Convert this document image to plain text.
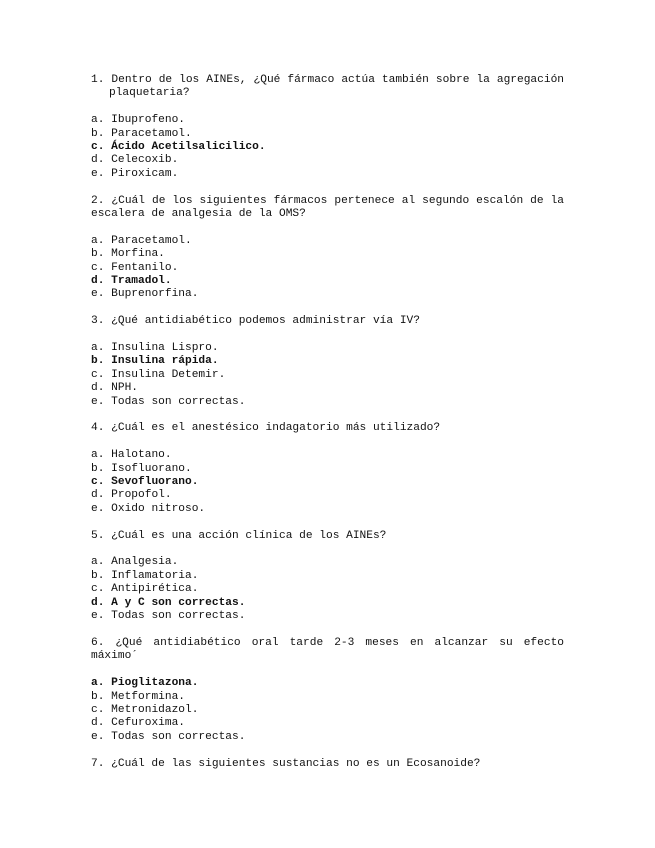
1. Dentro de los AINEs, ¿Qué fármaco actúa también sobre la agregación plaquetaria?

a. Ibuprofeno.
b. Paracetamol.
c. Ácido Acetilsalicilico.
d. Celecoxib.
e. Piroxicam.

2. ¿Cuál de los siguientes fármacos pertenece al segundo escalón de la escalera de analgesia de la OMS?

a. Paracetamol.
b. Morfina.
c. Fentanilo.
d. Tramadol.
e. Buprenorfina.

3. ¿Qué antidiabético podemos administrar vía IV?

a. Insulina Lispro.
b. Insulina rápida.
c. Insulina Detemir.
d. NPH.
e. Todas son correctas.

4. ¿Cuál es el anestésico indagatorio más utilizado?

a. Halotano.
b. Isofluorano.
c. Sevofluorano.
d. Propofol.
e. Oxido nitroso.

5. ¿Cuál es una acción clínica de los AINEs?

a. Analgesia.
b. Inflamatoria.
c. Antipirética.
d. A y C son correctas.
e. Todas son correctas.

6. ¿Qué antidiabético oral tarde 2-3 meses en alcanzar su efecto máximo´

a. Pioglitazona.
b. Metformina.
c. Metronidazol.
d. Cefuroxima.
e. Todas son correctas.

7. ¿Cuál de las siguientes sustancias no es un Ecosanoide?
